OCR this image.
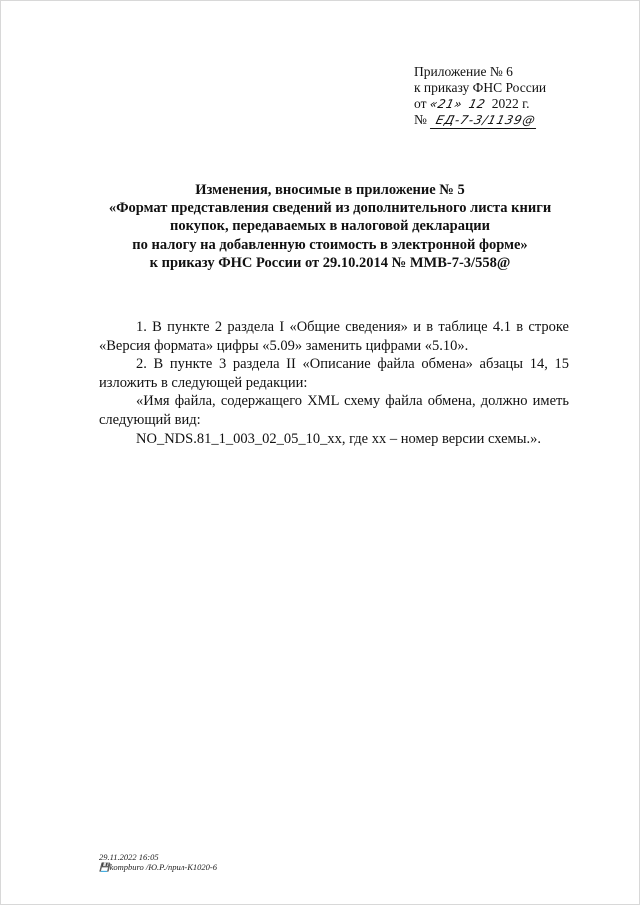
Приложение № 6
к приказу ФНС России
от «21» 12 2022 г.
№ ЕД-7-3/1139@
Изменения, вносимые в приложение № 5
«Формат представления сведений из дополнительного листа книги
покупок, передаваемых в налоговой декларации
по налогу на добавленную стоимость в электронной форме»
к приказу ФНС России от 29.10.2014 № ММВ-7-3/558@
1. В пункте 2 раздела I «Общие сведения» и в таблице 4.1 в строке «Версия формата» цифры «5.09» заменить цифрами «5.10».
2. В пункте 3 раздела II «Описание файла обмена» абзацы 14, 15 изложить в следующей редакции:
«Имя файла, содержащего XML схему файла обмена, должно иметь следующий вид:
NO_NDS.81_1_003_02_05_10_xx, где xx – номер версии схемы.».
29.11.2022 16:05
💾kompburo /Ю.Р./прил-К1020-6
